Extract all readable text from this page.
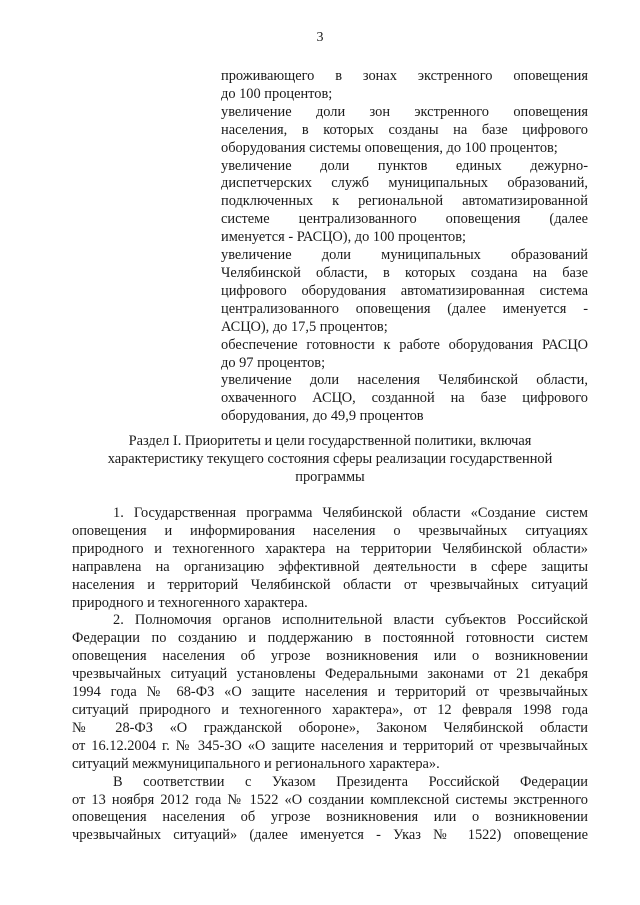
3
проживающего в зонах экстренного оповещения
до 100 процентов;
увеличение доли зон экстренного оповещения
населения, в которых созданы на базе цифрового
оборудования системы оповещения, до 100 процентов;
увеличение доли пунктов единых дежурно-
диспетчерских служб муниципальных образований,
подключенных к региональной автоматизированной
системе централизованного оповещения (далее
именуется - РАСЦО), до 100 процентов;
увеличение доли муниципальных образований
Челябинской области, в которых создана на базе
цифрового оборудования автоматизированная система
централизованного оповещения (далее именуется -
АСЦО), до 17,5 процентов;
обеспечение готовности к работе оборудования РАСЦО
до 97 процентов;
увеличение доли населения Челябинской области,
охваченного АСЦО, созданной на базе цифрового
оборудования, до 49,9 процентов
Раздел I. Приоритеты и цели государственной политики, включая
характеристику текущего состояния сферы реализации государственной
программы
1. Государственная программа Челябинской области «Создание систем
оповещения и информирования населения о чрезвычайных ситуациях
природного и техногенного характера на территории Челябинской области»
направлена на организацию эффективной деятельности в сфере защиты
населения и территорий Челябинской области от чрезвычайных ситуаций
природного и техногенного характера.
2. Полномочия органов исполнительной власти субъектов Российской
Федерации по созданию и поддержанию в постоянной готовности систем
оповещения населения об угрозе возникновения или о возникновении
чрезвычайных ситуаций установлены Федеральными законами от 21 декабря
1994 года № 68-ФЗ «О защите населения и территорий от чрезвычайных
ситуаций природного и техногенного характера», от 12 февраля 1998 года
№ 28-ФЗ «О гражданской обороне», Законом Челябинской области
от 16.12.2004 г. № 345-ЗО «О защите населения и территорий от чрезвычайных
ситуаций межмуниципального и регионального характера».
В соответствии с Указом Президента Российской Федерации
от 13 ноября 2012 года № 1522 «О создании комплексной системы экстренного
оповещения населения об угрозе возникновения или о возникновении
чрезвычайных ситуаций» (далее именуется - Указ № 1522) оповещение
